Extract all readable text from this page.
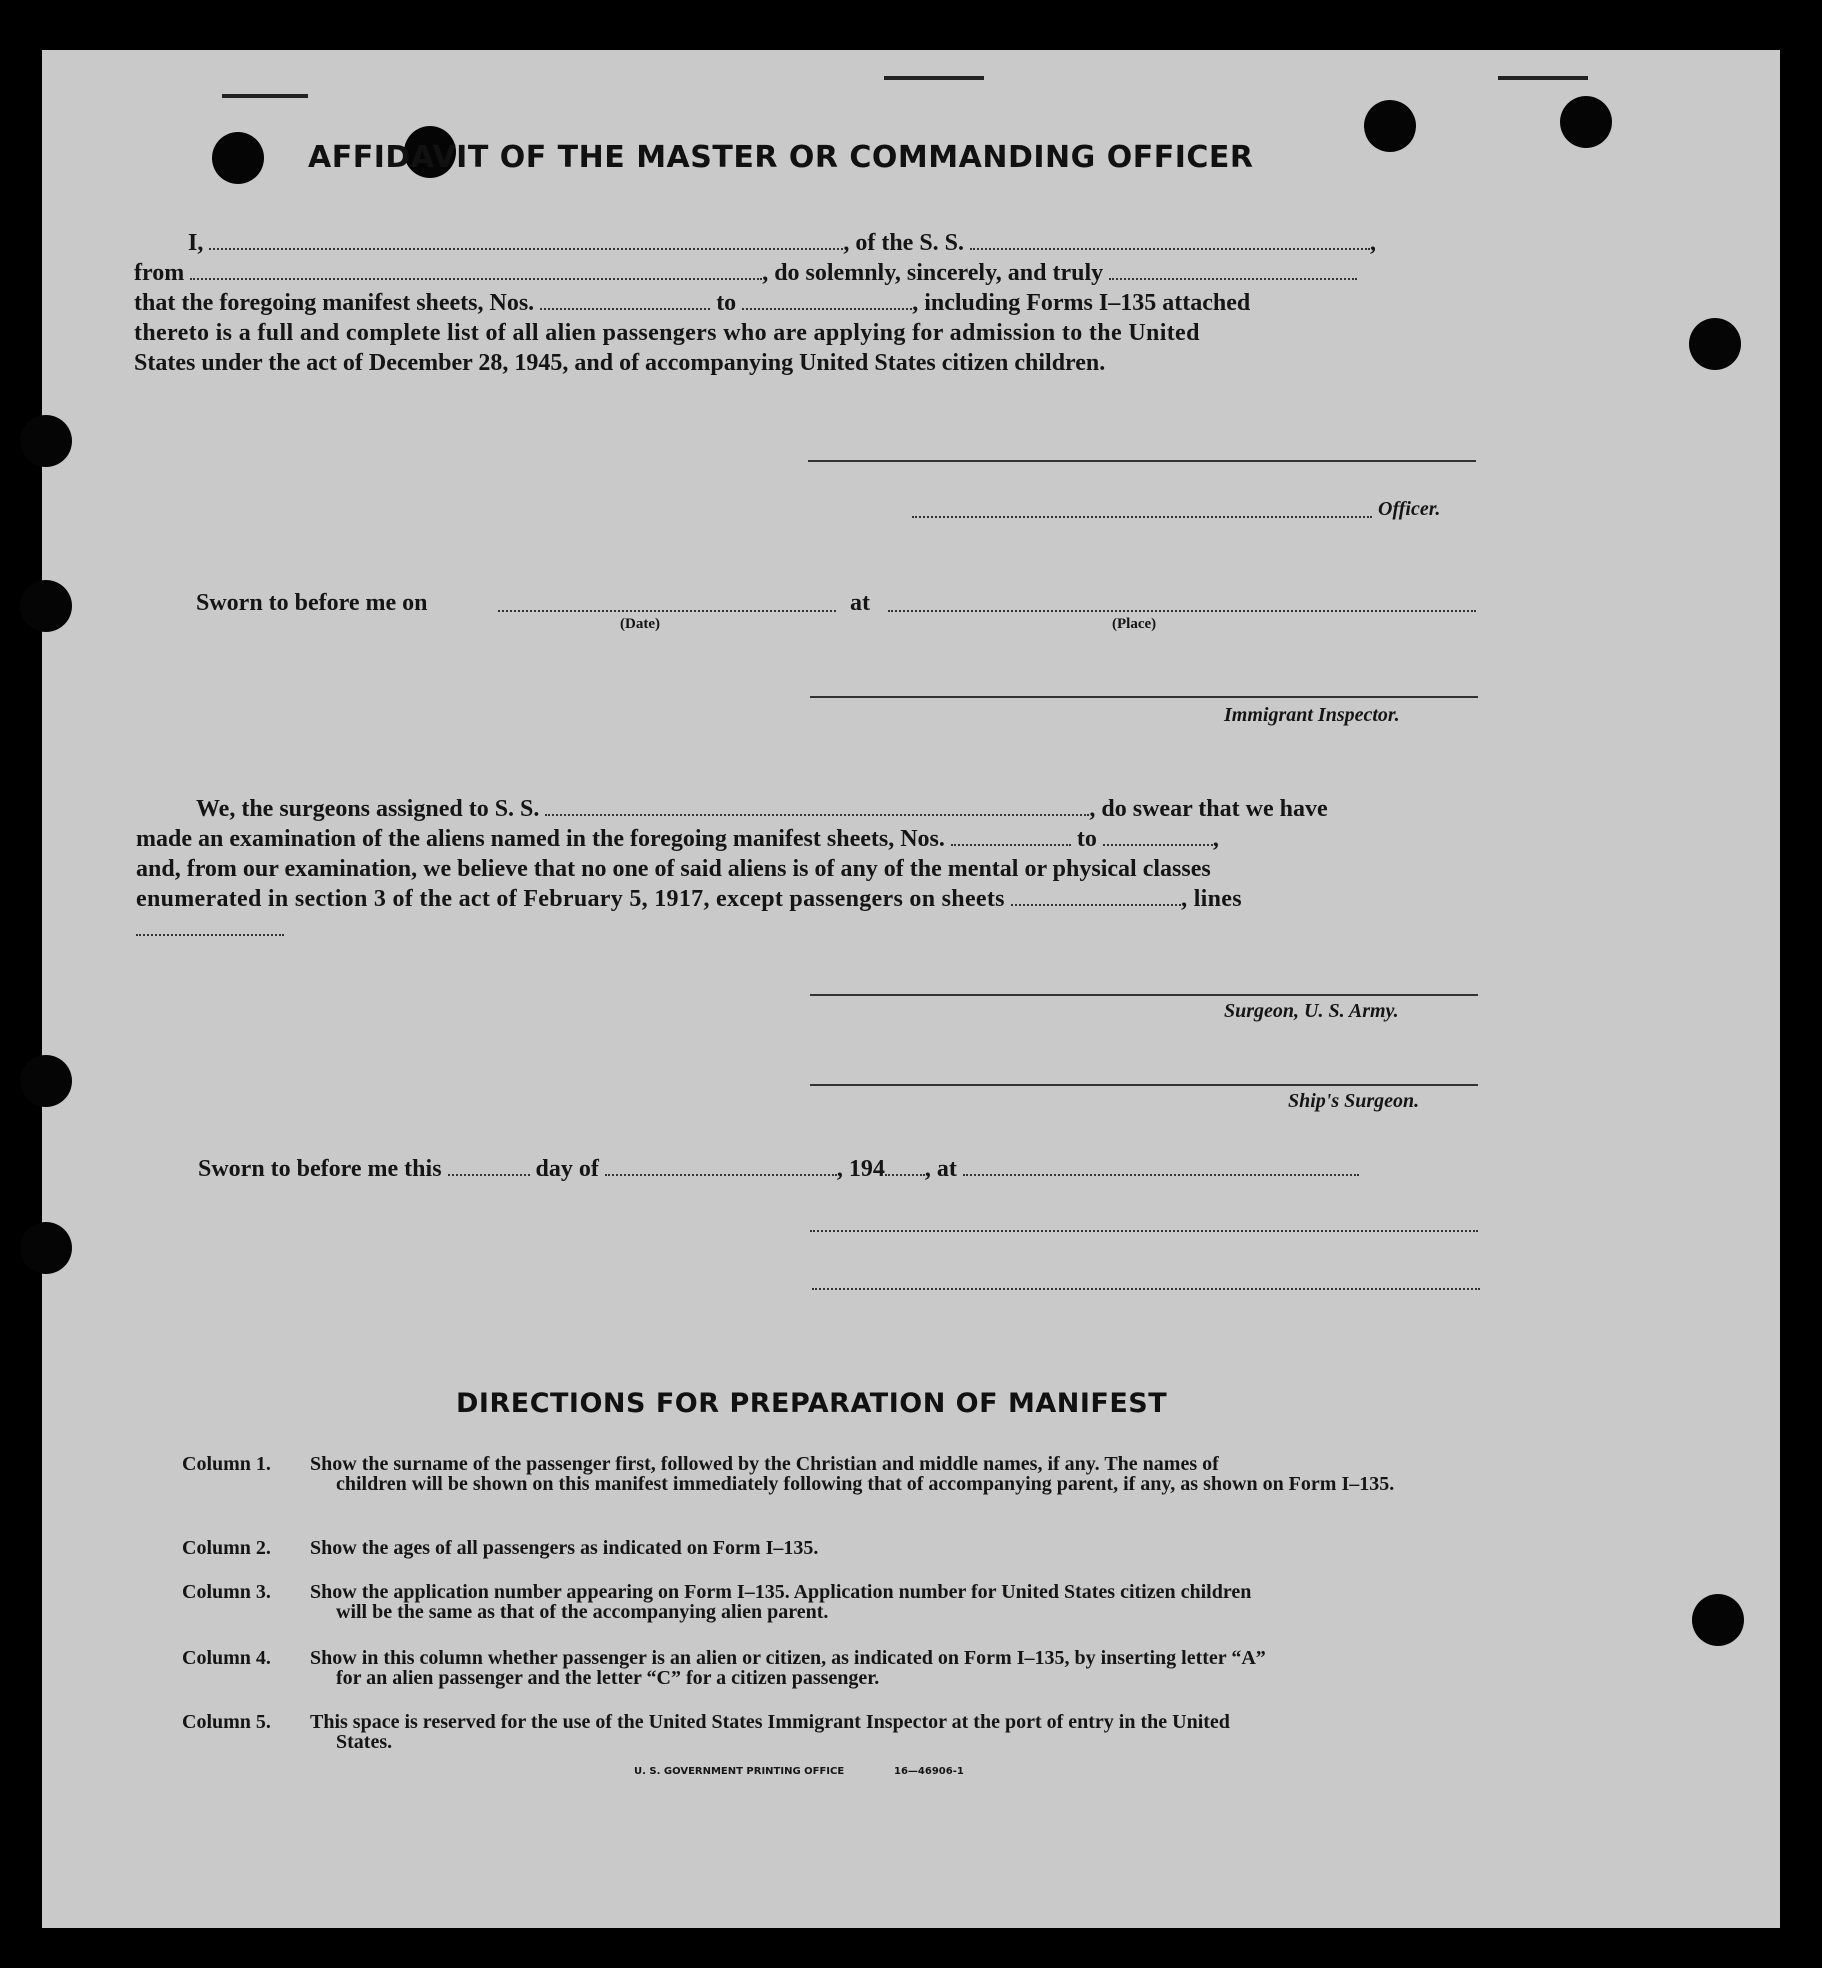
AFFIDAVIT OF THE MASTER OR COMMANDING OFFICER
I,	, of the S. S.	,
from	, do solemnly, sincerely, and truly
that the foregoing manifest sheets, Nos.	to	, including Forms I–135 attached
thereto is a full and complete list of all alien passengers who are applying for admission to the United
States under the act of December 28, 1945, and of accompanying United States citizen children.
Officer.
Sworn to before me on
(Date)
at
(Place)
Immigrant Inspector.
We, the surgeons assigned to S. S.	, do swear that we have
made an examination of the aliens named in the foregoing manifest sheets, Nos.	to	,
and, from our examination, we believe that no one of said aliens is of any of the mental or physical classes
enumerated in section 3 of the act of February 5, 1917, except passengers on sheets	, lines
Surgeon, U. S. Army.
Ship's Surgeon.
Sworn to before me this	day of	, 194 , at
DIRECTIONS FOR PREPARATION OF MANIFEST
Column 1.	Show the surname of the passenger first, followed by the Christian and middle names, if any. The names of
children will be shown on this manifest immediately following that of accompanying parent, if any, as shown on Form I–135.
Column 2.	Show the ages of all passengers as indicated on Form I–135.
Column 3.	Show the application number appearing on Form I–135. Application number for United States citizen children
will be the same as that of the accompanying alien parent.
Column 4.	Show in this column whether passenger is an alien or citizen, as indicated on Form I–135, by inserting letter “A”
for an alien passenger and the letter “C” for a citizen passenger.
Column 5.	This space is reserved for the use of the United States Immigrant Inspector at the port of entry in the United
States.
U. S. GOVERNMENT PRINTING OFFICE	16—46906-1
